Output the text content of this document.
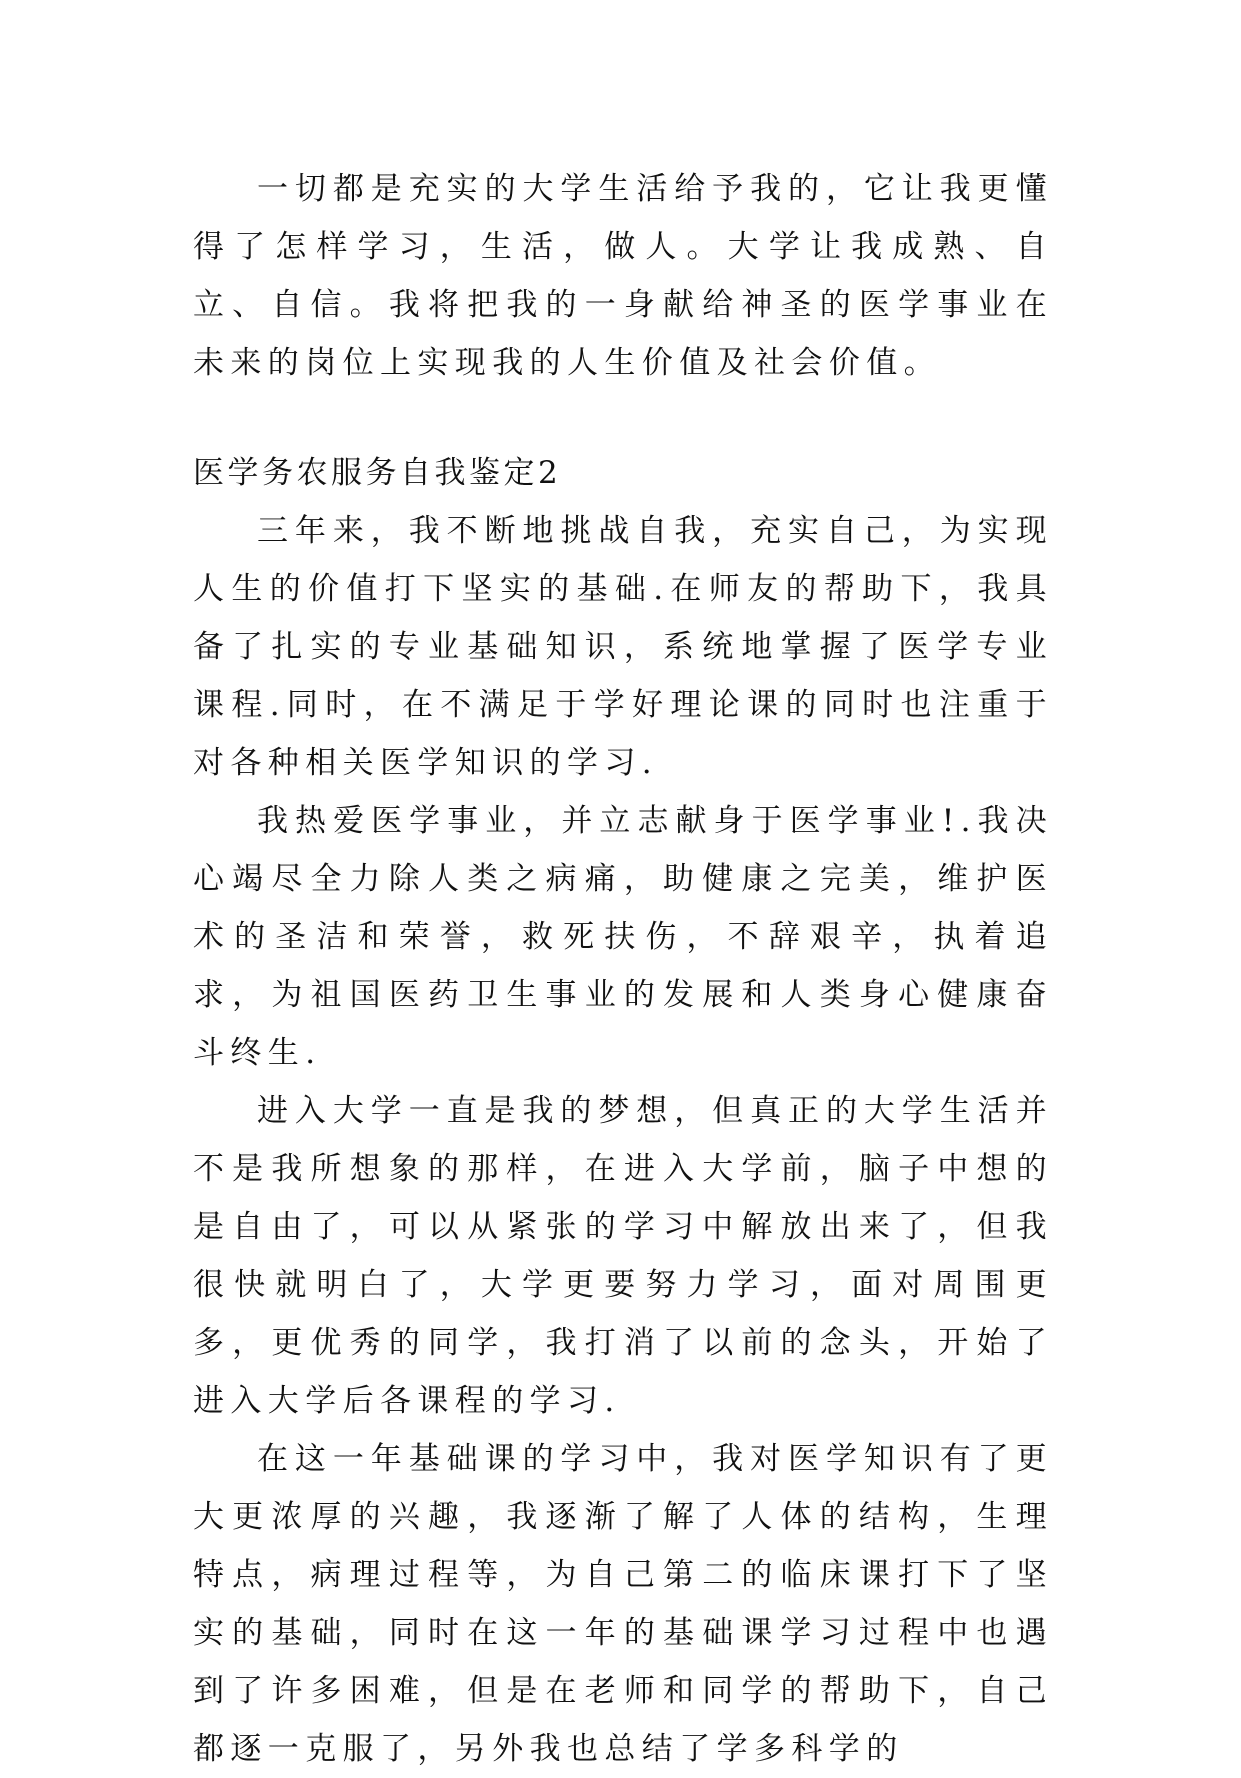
一切都是充实的大学生活给予我的，它让我更懂得了怎样学习，生活，做人。大学让我成熟、自立、自信。我将把我的一身献给神圣的医学事业在未来的岗位上实现我的人生价值及社会价值。

医学务农服务自我鉴定2

三年来，我不断地挑战自我，充实自己，为实现人生的价值打下坚实的基础.在师友的帮助下，我具备了扎实的专业基础知识，系统地掌握了医学专业课程.同时，在不满足于学好理论课的同时也注重于对各种相关医学知识的学习.

我热爱医学事业，并立志献身于医学事业!.我决心竭尽全力除人类之病痛，助健康之完美，维护医术的圣洁和荣誉，救死扶伤，不辞艰辛，执着追求，为祖国医药卫生事业的发展和人类身心健康奋斗终生.

进入大学一直是我的梦想，但真正的大学生活并不是我所想象的那样，在进入大学前，脑子中想的是自由了，可以从紧张的学习中解放出来了，但我很快就明白了，大学更要努力学习，面对周围更多，更优秀的同学，我打消了以前的念头，开始了进入大学后各课程的学习.

在这一年基础课的学习中，我对医学知识有了更大更浓厚的兴趣，我逐渐了解了人体的结构，生理特点，病理过程等，为自己第二的临床课打下了坚实的基础，同时在这一年的基础课学习过程中也遇到了许多困难，但是在老师和同学的帮助下，自己都逐一克服了，另外我也总结了学多科学的
